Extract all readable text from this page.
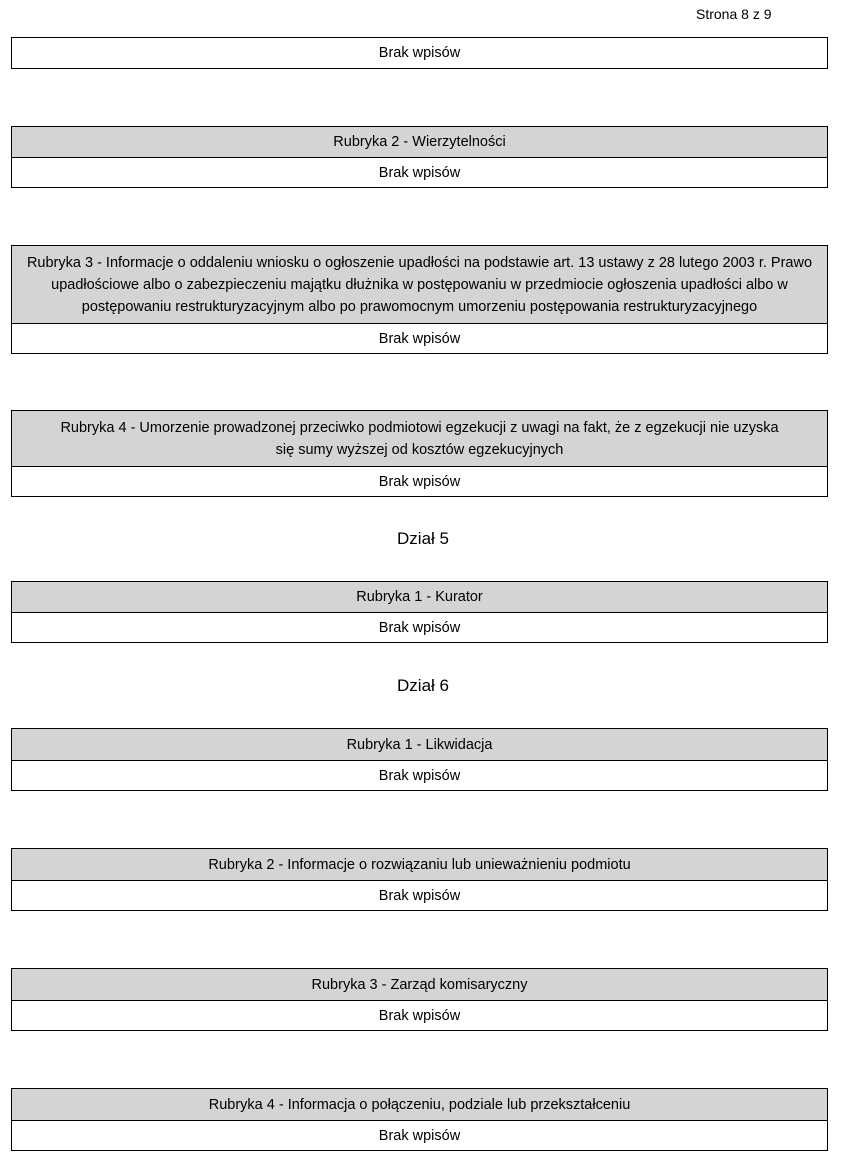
Strona 8 z 9
Brak wpisów
Rubryka 2 - Wierzytelności
Brak wpisów
Rubryka 3 - Informacje o oddaleniu wniosku o ogłoszenie upadłości na podstawie art. 13 ustawy z 28 lutego 2003 r. Prawo upadłościowe albo o zabezpieczeniu majątku dłużnika w postępowaniu w przedmiocie ogłoszenia upadłości albo w postępowaniu restrukturyzacyjnym albo po prawomocnym umorzeniu postępowania restrukturyzacyjnego
Brak wpisów
Rubryka 4 - Umorzenie prowadzonej przeciwko podmiotowi egzekucji z uwagi na fakt, że z egzekucji nie uzyska się sumy wyższej od kosztów egzekucyjnych
Brak wpisów
Dział 5
Rubryka 1 - Kurator
Brak wpisów
Dział 6
Rubryka 1 - Likwidacja
Brak wpisów
Rubryka 2 - Informacje o rozwiązaniu lub unieważnieniu podmiotu
Brak wpisów
Rubryka 3 - Zarząd komisaryczny
Brak wpisów
Rubryka 4 - Informacja o połączeniu, podziale lub przekształceniu
Brak wpisów
